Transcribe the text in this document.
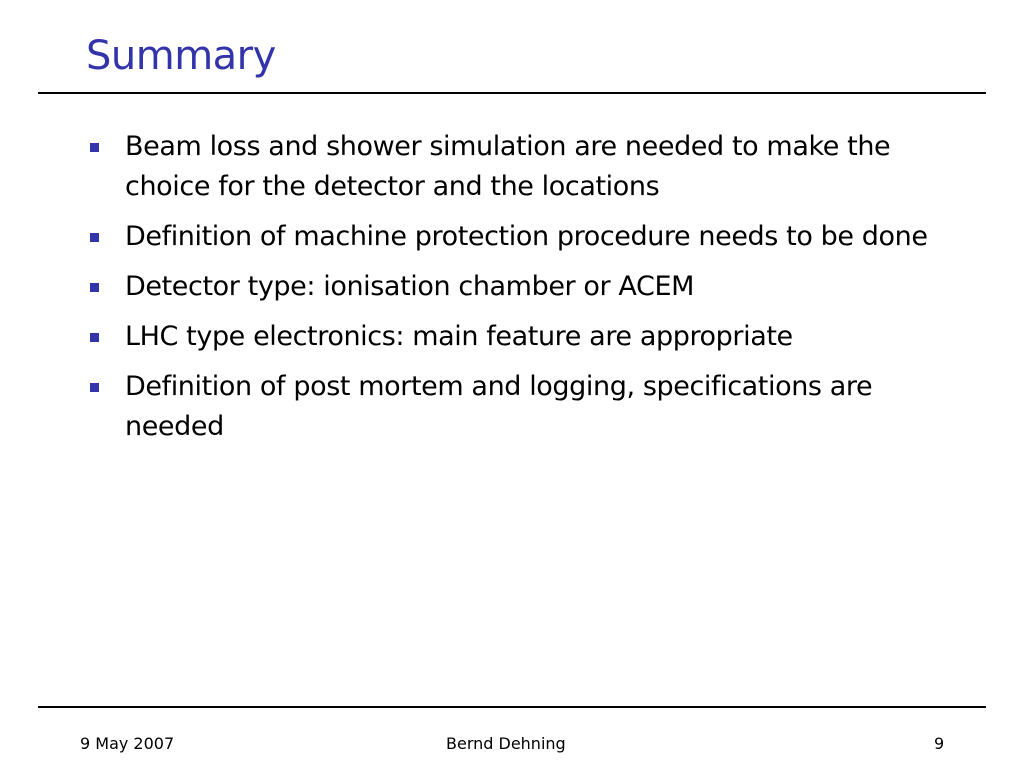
Summary
Beam loss and shower simulation are needed to make the choice for the detector and the locations
Definition of machine protection procedure needs to be done
Detector type: ionisation chamber or ACEM
LHC type electronics: main feature are appropriate
Definition of post mortem and logging, specifications are needed
9 May 2007	Bernd Dehning	9
